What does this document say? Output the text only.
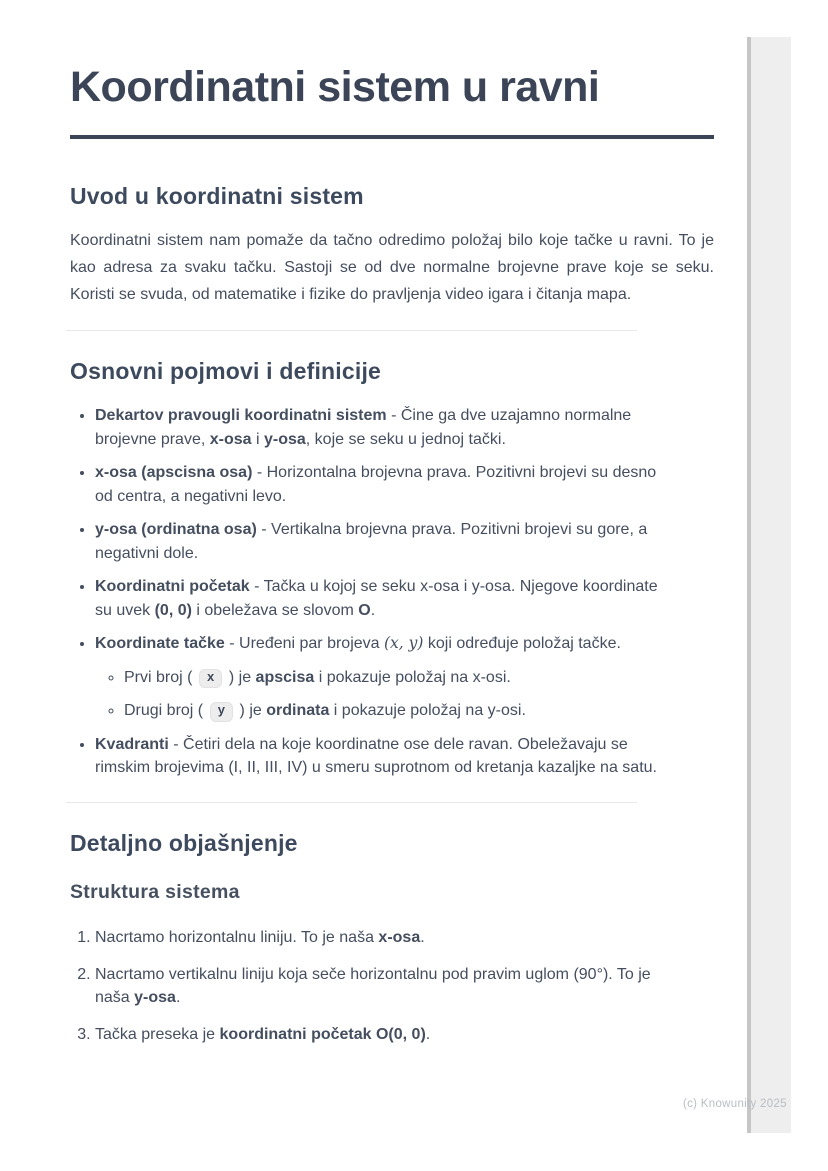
Koordinatni sistem u ravni
Uvod u koordinatni sistem

Koordinatni sistem nam pomaže da tačno odredimo položaj bilo koje tačke u ravni. To je kao adresa za svaku tačku. Sastoji se od dve normalne brojevne prave koje se seku. Koristi se svuda, od matematike i fizike do pravljenja video igara i čitanja mapa.

Osnovni pojmovi i definicije
• Dekartov pravougli koordinatni sistem - Čine ga dve uzajamno normalne brojevne prave, x-osa i y-osa, koje se seku u jednoj tački.
• x-osa (apscisna osa) - Horizontalna brojevna prava. Pozitivni brojevi su desno od centra, a negativni levo.
• y-osa (ordinatna osa) - Vertikalna brojevna prava. Pozitivni brojevi su gore, a negativni dole.
• Koordinatni početak - Tačka u kojoj se seku x-osa i y-osa. Njegove koordinate su uvek (0, 0) i obeležava se slovom O.
• Koordinate tačke - Uređeni par brojeva (x, y) koji određuje položaj tačke.
◦ Prvi broj ( x ) je apscisa i pokazuje položaj na x-osi.
◦ Drugi broj ( y ) je ordinata i pokazuje položaj na y-osi.
• Kvadranti - Četiri dela na koje koordinatne ose dele ravan. Obeležavaju se rimskim brojevima (I, II, III, IV) u smeru suprotnom od kretanja kazaljke na satu.
Detaljno objašnjenje
Struktura sistema
1. Nacrtamo horizontalnu liniju. To je naša x-osa.
2. Nacrtamo vertikalnu liniju koja seče horizontalnu pod pravim uglom (90°). To je naša y-osa.
3. Tačka preseka je koordinatni početak O(0, 0).
(c) Knowunity 2025
